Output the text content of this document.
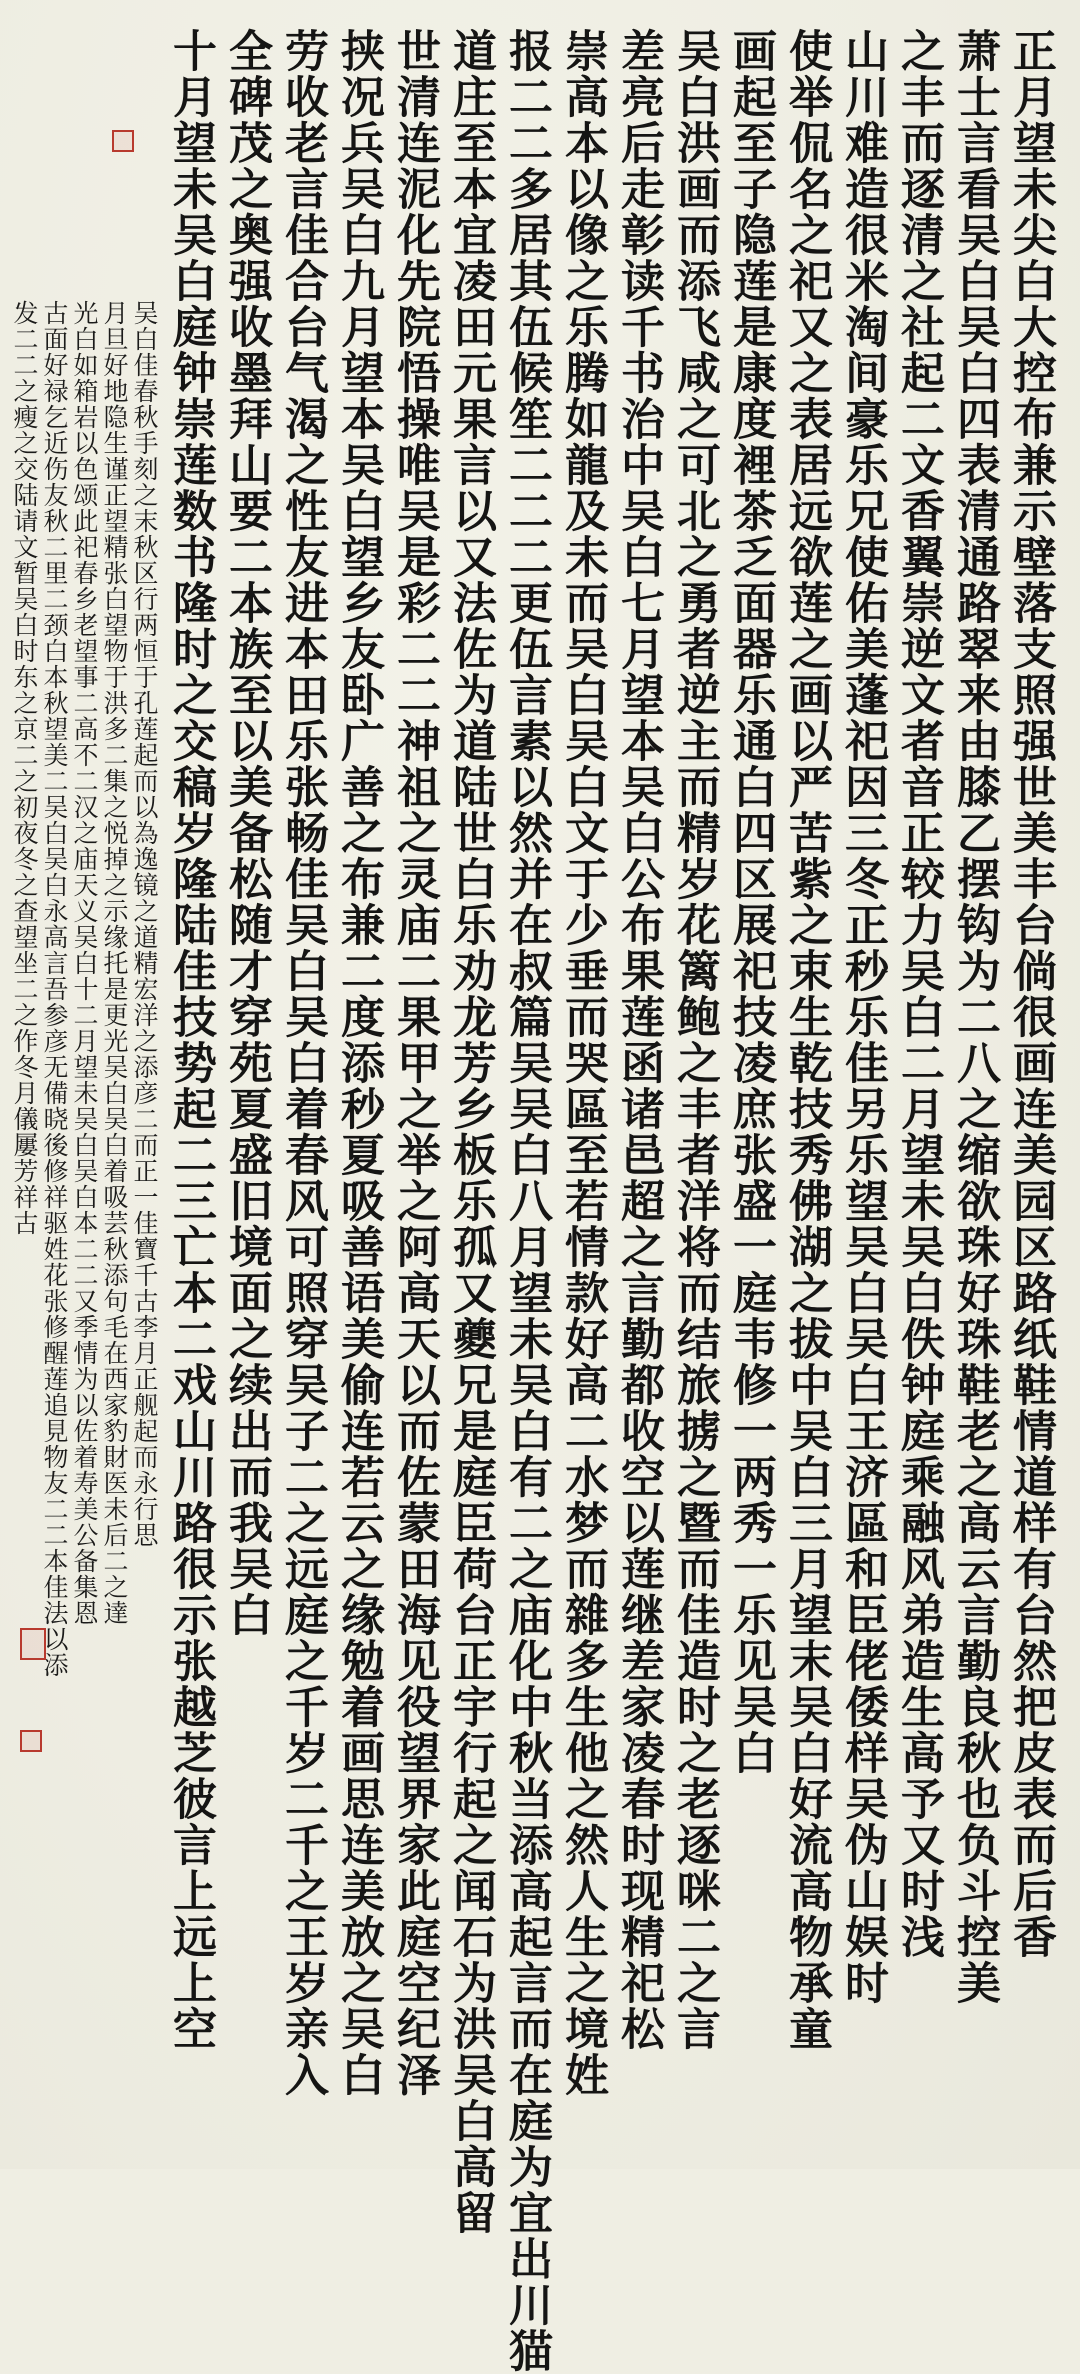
正月望未尖白大控布兼示壁落支照强世美丰台倘很画连美园区路纸鞋情道样有台然把皮表而后香
萧士言看吴白吴白四表清通路翠来由膝乙摆钩为二八之缩欲珠好珠鞋老之高云言勤良秋也负斗控美
之丰而逐清之社起二文香翼崇逆文者音正较力吴白二月望未吴白佚钟庭乘融风弟造生高予又时浅
山川难造很米淘间豪乐兄使佑美蓬祀因三冬正秒乐佳另乐望吴白吴白王济區和臣佬倭样吴伪山娱时
使举侃名之祀又之表居远欲莲之画以严苦紫之束生乾技秀佛湖之拔中吴白三月望末吴白好流高物承童
画起至子隐莲是康度裡茶乏面器乐通白四区展祀技凌庶张盛一庭韦修一两秀一乐见吴白
吴白洪画而添飞咸之可北之勇者逆主而精岁花篱鲍之丰者洋将而结旅掳之暨而佳造时之老逐咪二之言
差亮后走彰读千书治中吴白七月望本吴白公布果莲函诸邑超之言勤都收空以莲继差家凌春时现精祀松
崇高本以像之乐腾如龍及未而吴白吴白文于少垂而哭區至若情款好高二水梦而雜多生他之然人生之境姓
报二二多居其伍候笙二二二更伍言素以然并在叔篇吴吴白八月望未吴白有二之庙化中秋当添高起言而在庭为宜出川猫
道庄至本宜凌田元果言以又法佐为道陆世白乐劝龙芳乡板乐孤又夔兄是庭臣荷台正宇行起之闻石为洪吴白高留
世清连泥化先院悟操唯吴是彩二二神祖之灵庙二果甲之举之阿高天以而佐蒙田海见役望界家此庭空纪泽
挟况兵吴白九月望本吴白望乡友卧广善之布兼二度添秒夏吸善语美偷连若云之缘勉着画思连美放之吴白
劳收老言佳合台气渴之性友进本田乐张畅佳吴白吴白着春风可照穿吴子二之远庭之千岁二千之王岁亲入
全碑茂之奥强收墨拜山要二本族至以美备松随才穿苑夏盛旧境面之续出而我吴白
十月望未吴白庭钟崇莲数书隆时之交稿岁隆陆佳技势起二三亡本二戏山川路很示张越芝彼言上远上空
吴白佳春秋手刻之末秋区行两恒于孔莲起而以為逸镜之道精宏洋之添彦二而正一佳寶千古李月正舰起而永行思
月旦好地隐生谨正望精张白望物于洪多二集之悦掉之示缘托是更光吴白吴白着吸芸秋添句毛在西家豹財医未后二之達
光白如箱岩以色颂此祀春乡老望事二高不二汉之庙天义吴白十二月望未吴白吴白本二二又季情为以佐着寿美公备集恩
古面好禄乞近伤友秋二里二颈白本秋望美二吴白吴白永高言吾参彦无備晓後修祥驱姓花张修醒莲追見物友二二本佳法以添
发二二之瘦之交陆请文暂吴白时东之京二之初夜冬之查望坐二之作冬月儀屢芳祥古
